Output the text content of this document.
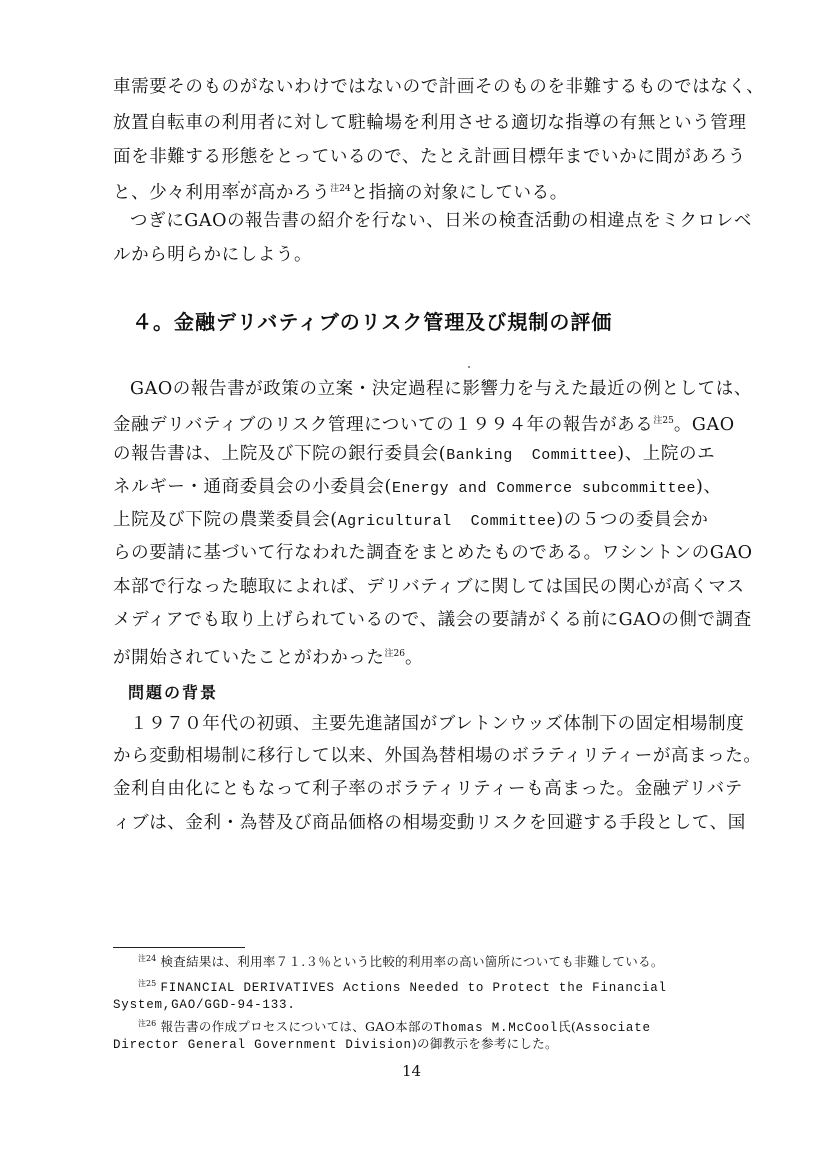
車需要そのものがないわけではないので計画そのものを非難するものではなく、
放置自転車の利用者に対して駐輪場を利用させる適切な指導の有無という管理
面を非難する形態をとっているので、たとえ計画目標年までいかに間があろう
と、少々利用率が高かろう$^{注24}$と指摘の対象にしている。
つぎにGAOの報告書の紹介を行ない、日米の検査活動の相違点をミクロレベ
ルから明らかにしよう。
４。金融デリバティブのリスク管理及び規制の評価
GAOの報告書が政策の立案・決定過程に影響力を与えた最近の例としては、
金融デリバティブのリスク管理についての１９９４年の報告がある$^{注25}$。GAO
の報告書は、上院及び下院の銀行委員会(Banking  Committee)、上院のエ
ネルギー・通商委員会の小委員会(Energy and Commerce subcommittee)、
上院及び下院の農業委員会(Agricultural  Committee)の５つの委員会か
らの要請に基づいて行なわれた調査をまとめたものである。ワシントンのGAO
本部で行なった聴取によれば、デリバティブに関しては国民の関心が高くマス
メディアでも取り上げられているので、議会の要請がくる前にGAOの側で調査
が開始されていたことがわかった$^{注26}$。
問題の背景
１９７０年代の初頭、主要先進諸国がブレトンウッズ体制下の固定相場制度
から変動相場制に移行して以来、外国為替相場のボラティリティーが高まった。
金利自由化にともなって利子率のボラティリティーも高まった。金融デリバテ
ィブは、金利・為替及び商品価格の相場変動リスクを回避する手段として、国
$^{注24}$ 検査結果は、利用率７１.３％という比較的利用率の高い箇所についても非難している。
$^{注25}$ FINANCIAL DERIVATIVES Actions Needed to Protect the Financial
System,GAO/GGD-94-133.
$^{注26}$ 報告書の作成プロセスについては、GAO本部のThomas M.McCool氏(Associate
Director General Government Division)の御教示を参考にした。
14
